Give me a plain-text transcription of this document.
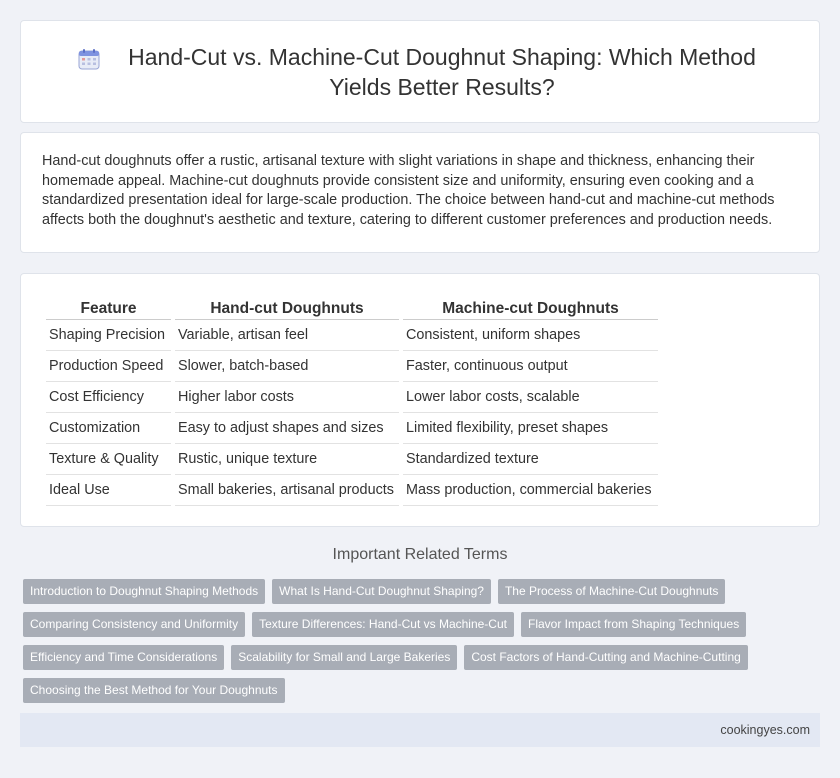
Hand-Cut vs. Machine-Cut Doughnut Shaping: Which Method Yields Better Results?

Hand-cut doughnuts offer a rustic, artisanal texture with slight variations in shape and thickness, enhancing their homemade appeal. Machine-cut doughnuts provide consistent size and uniformity, ensuring even cooking and a standardized presentation ideal for large-scale production. The choice between hand-cut and machine-cut methods affects both the doughnut's aesthetic and texture, catering to different customer preferences and production needs.

Feature	Hand-cut Doughnuts	Machine-cut Doughnuts
Shaping Precision	Variable, artisan feel	Consistent, uniform shapes
Production Speed	Slower, batch-based	Faster, continuous output
Cost Efficiency	Higher labor costs	Lower labor costs, scalable
Customization	Easy to adjust shapes and sizes	Limited flexibility, preset shapes
Texture & Quality	Rustic, unique texture	Standardized texture
Ideal Use	Small bakeries, artisanal products	Mass production, commercial bakeries
Important Related Terms
Introduction to Doughnut Shaping Methods	What Is Hand-Cut Doughnut Shaping?	The Process of Machine-Cut Doughnuts
Comparing Consistency and Uniformity	Texture Differences: Hand-Cut vs Machine-Cut	Flavor Impact from Shaping Techniques
Efficiency and Time Considerations	Scalability for Small and Large Bakeries	Cost Factors of Hand-Cutting and Machine-Cutting
Choosing the Best Method for Your Doughnuts
cookingyes.com
